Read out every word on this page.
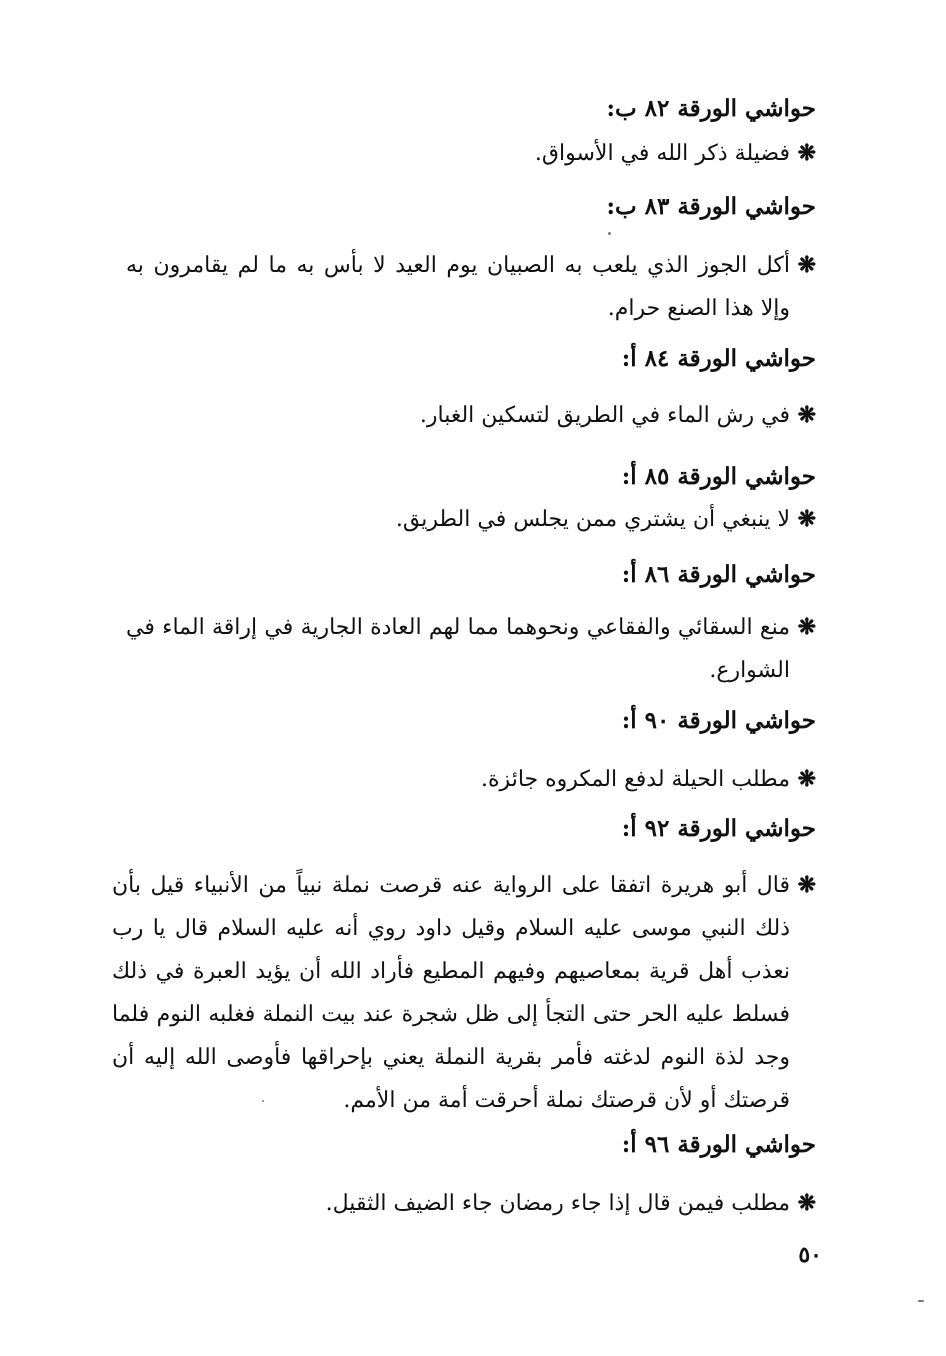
حواشي الورقة ٨٢ ب:
❋
فضيلة ذكر الله في الأسواق.
حواشي الورقة ٨٣ ب:
❋
أكل الجوز الذي يلعب به الصبيان يوم العيد لا بأس به ما لم يقامرون به وإلا هذا الصنع حرام.
حواشي الورقة ٨٤ أ:
❋
في رش الماء في الطريق لتسكين الغبار.
حواشي الورقة ٨٥ أ:
❋
لا ينبغي أن يشتري ممن يجلس في الطريق.
حواشي الورقة ٨٦ أ:
❋
منع السقائي والفقاعي ونحوهما مما لهم العادة الجارية في إراقة الماء في الشوارع.
حواشي الورقة ٩٠ أ:
❋
مطلب الحيلة لدفع المكروه جائزة.
حواشي الورقة ٩٢ أ:
❋
قال أبو هريرة اتفقا على الرواية عنه قرصت نملة نبياً من الأنبياء قيل بأن ذلك النبي موسى عليه السلام وقيل داود روي أنه عليه السلام قال يا رب نعذب أهل قرية بمعاصيهم وفيهم المطيع فأراد الله أن يؤيد العبرة في ذلك فسلط عليه الحر حتى التجأ إلى ظل شجرة عند بيت النملة فغلبه النوم فلما وجد لذة النوم لدغته فأمر بقرية النملة يعني بإحراقها فأوصى الله إليه أن قرصتك أو لأن قرصتك نملة أحرقت أمة من الأمم.
حواشي الورقة ٩٦ أ:
❋
مطلب فيمن قال إذا جاء رمضان جاء الضيف الثقيل.
٥٠
